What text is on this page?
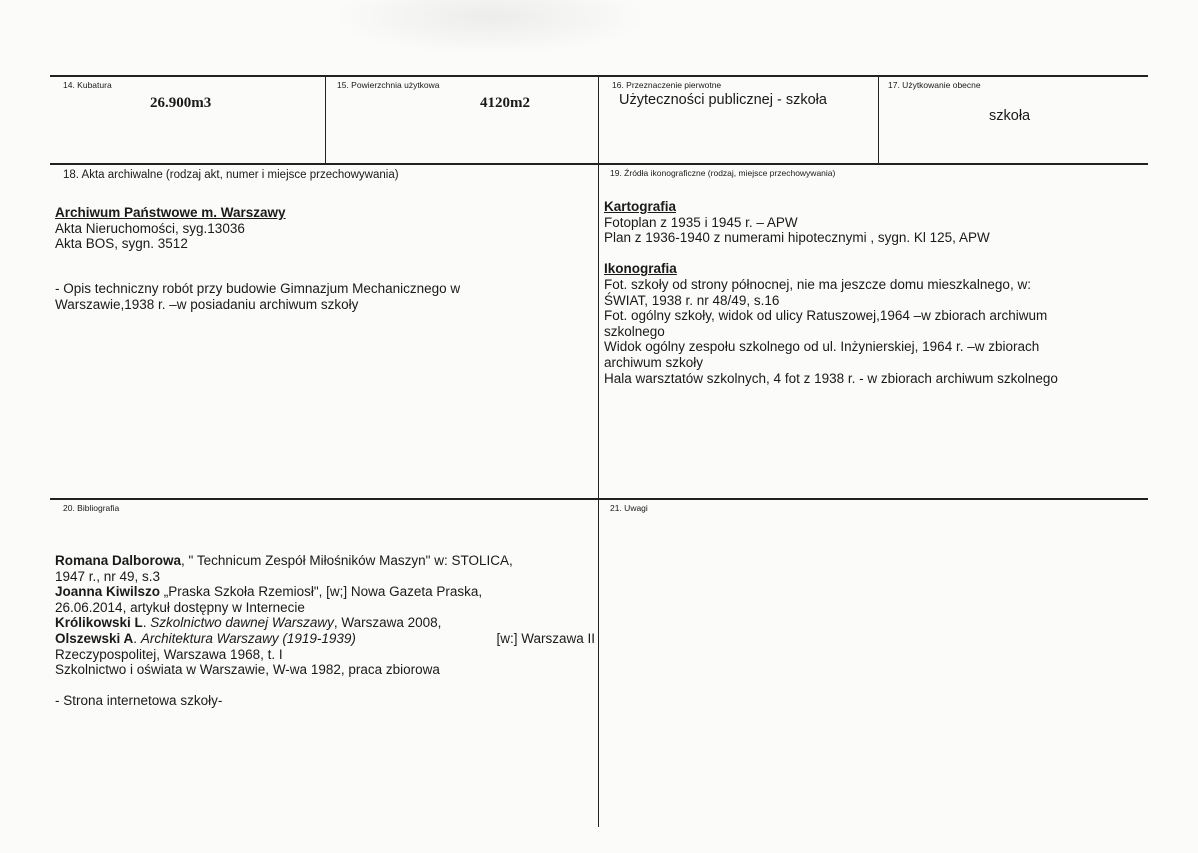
14. Kubatura
26.900m3
15. Powierzchnia użytkowa
4120m2
16. Przeznaczenie pierwotne
Użyteczności publicznej - szkoła
17. Użytkowanie obecne
szkoła
18. Akta archiwalne (rodzaj akt, numer i miejsce przechowywania)
Archiwum Państwowe m. Warszawy
Akta Nieruchomości, syg.13036
Akta BOS, sygn. 3512
- Opis techniczny robót przy budowie Gimnazjum Mechanicznego w
Warszawie,1938 r. –w posiadaniu archiwum szkoły
19. Źródła ikonograficzne (rodzaj, miejsce przechowywania)
Kartografia
Fotoplan z 1935 i 1945 r. – APW
Plan z 1936-1940 z numerami hipotecznymi , sygn. Kl 125, APW
Ikonografia
Fot. szkoły od strony północnej, nie ma jeszcze domu mieszkalnego, w:
ŚWIAT, 1938 r. nr 48/49, s.16
Fot. ogólny szkoły, widok od ulicy Ratuszowej,1964 –w zbiorach archiwum
szkolnego
Widok ogólny zespołu szkolnego od ul. Inżynierskiej, 1964 r. –w zbiorach
archiwum szkoły
Hala warsztatów szkolnych, 4 fot z 1938 r. - w zbiorach archiwum szkolnego
20. Bibliografia
Romana Dalborowa, " Technicum Zespół Miłośników Maszyn" w: STOLICA,
1947 r., nr 49, s.3
Joanna Kiwilszo „Praska Szkoła Rzemiosł", [w;] Nowa Gazeta Praska,
26.06.2014, artykuł dostępny w Internecie
Królikowski L. Szkolnictwo dawnej Warszawy, Warszawa 2008,
Olszewski A. Architektura Warszawy (1919-1939)	[w:] Warszawa II
Rzeczypospolitej, Warszawa 1968, t. I
Szkolnictwo i oświata w Warszawie, W-wa 1982, praca zbiorowa
- Strona internetowa szkoły-
21. Uwagi
